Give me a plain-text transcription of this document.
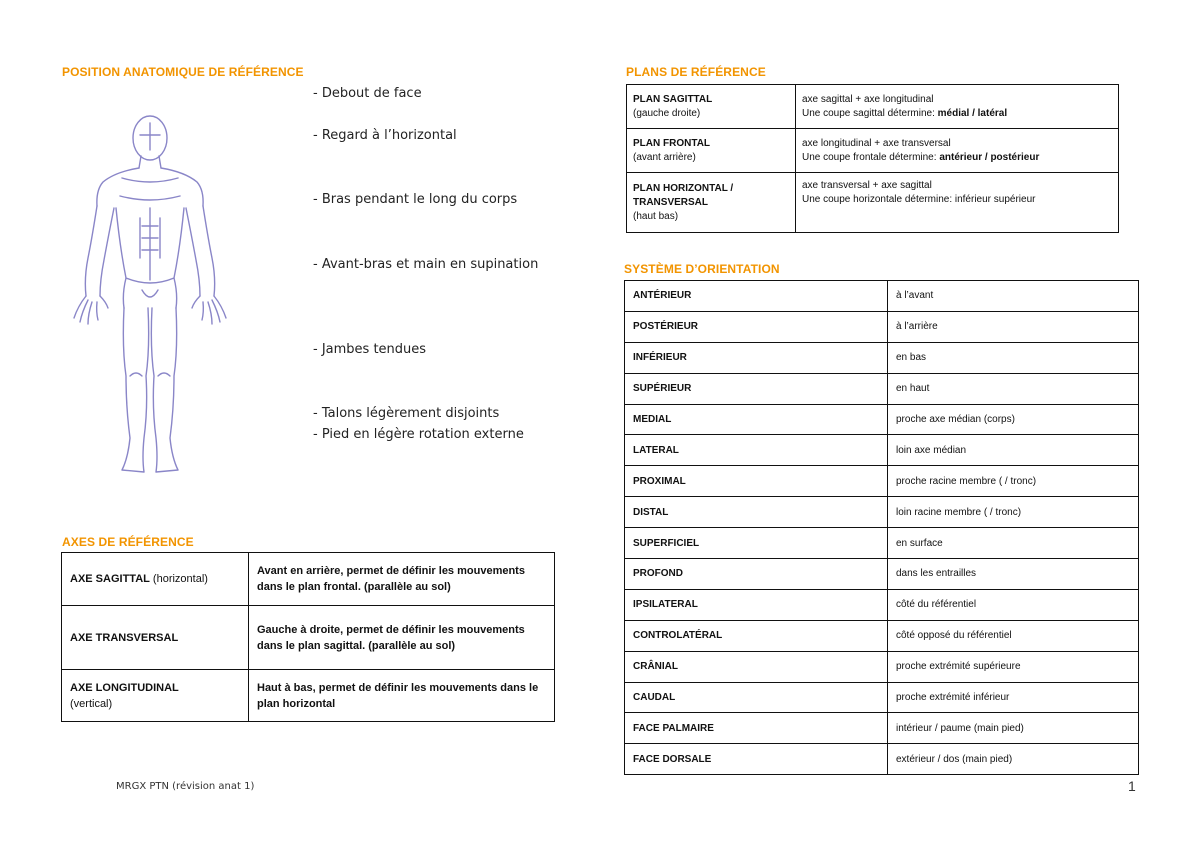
POSITION ANATOMIQUE DE RÉFÉRENCE
- Debout de face
- Regard à l’horizontal
- Bras pendant le long du corps
- Avant-bras et main en supination
- Jambes tendues
- Talons légèrement disjoints
- Pied en légère rotation externe
AXES DE RÉFÉRENCE
AXE SAGITTAL (horizontal)	Avant en arrière, permet de définir les mouvements dans le plan frontal. (parallèle au sol)
AXE TRANSVERSAL	Gauche à droite, permet de définir les mouvements dans le plan sagittal. (parallèle au sol)
AXE LONGITUDINAL
(vertical)	Haut à bas, permet de définir les mouvements dans le plan horizontal
MRGX PTN (révision anat 1)	1
PLANS DE RÉFÉRENCE
PLAN SAGITTAL
(gauche droite)	axe sagittal + axe longitudinal
Une coupe sagittal détermine: médial / latéral
PLAN FRONTAL
(avant arrière)	axe longitudinal + axe transversal
Une coupe frontale détermine: antérieur / postérieur
PLAN HORIZONTAL / TRANSVERSAL
(haut bas)	axe transversal + axe sagittal
Une coupe horizontale détermine: inférieur supérieur
SYSTÈME D’ORIENTATION
ANTÉRIEUR	à l’avant
POSTÉRIEUR	à l’arrière
INFÉRIEUR	en bas
SUPÉRIEUR	en haut
MEDIAL	proche axe médian (corps)
LATERAL	loin axe médian
PROXIMAL	proche racine membre ( / tronc)
DISTAL	loin racine membre ( / tronc)
SUPERFICIEL	en surface
PROFOND	dans les entrailles
IPSILATERAL	côté du référentiel
CONTROLATÉRAL	côté opposé du référentiel
CRÂNIAL	proche extrémité supérieure
CAUDAL	proche extrémité inférieur
FACE PALMAIRE	intérieur / paume (main pied)
FACE DORSALE	extérieur / dos (main pied)
